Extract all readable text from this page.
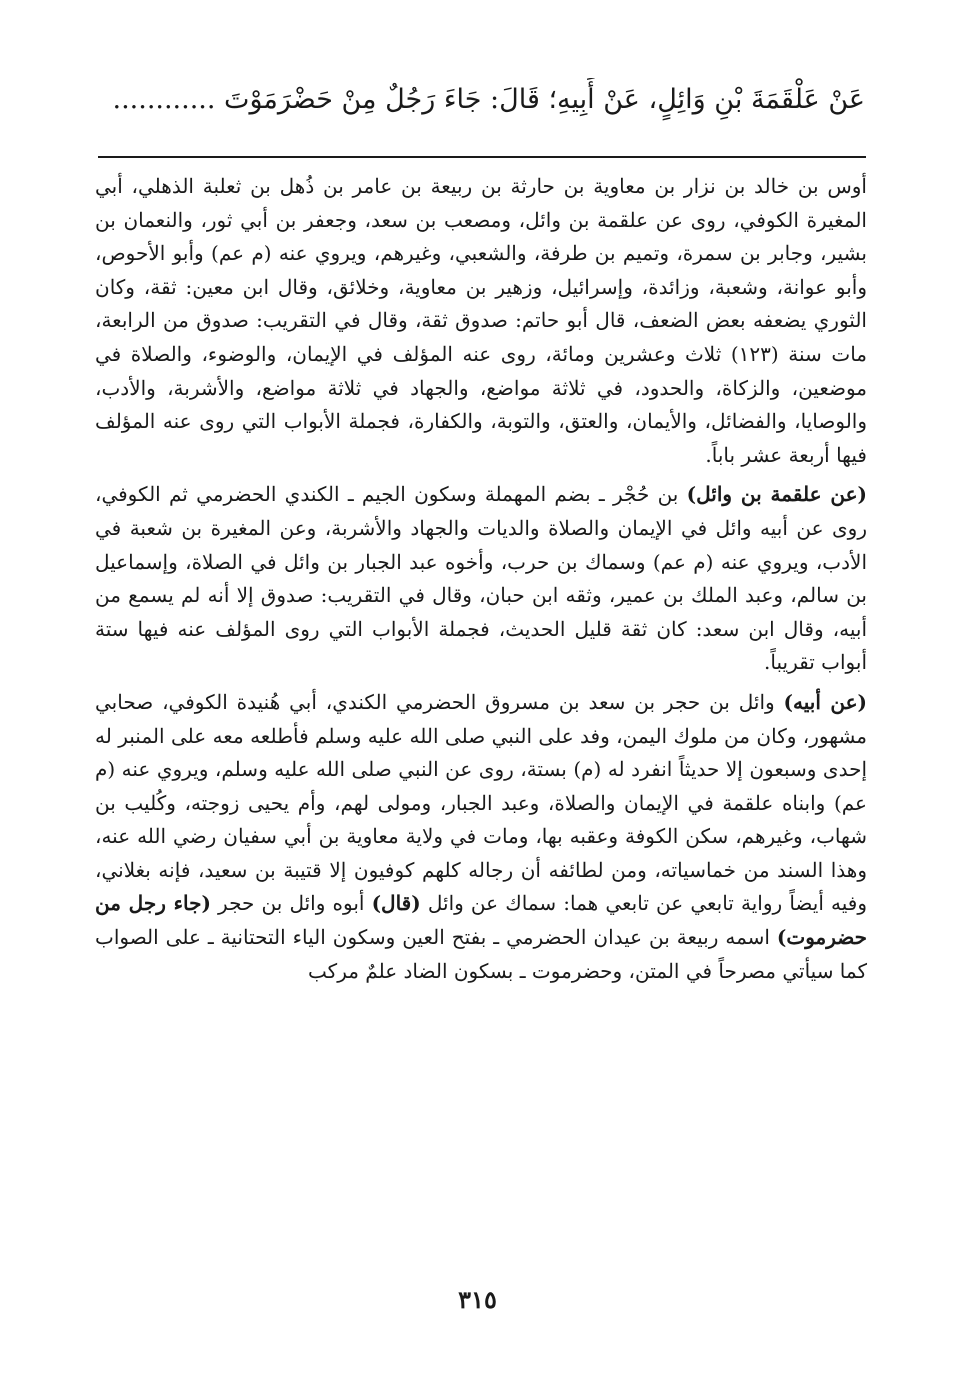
عَنْ عَلْقَمَةَ بْنِ وَائِلٍ، عَنْ أَبِيهِ؛ قَالَ: جَاءَ رَجُلٌ مِنْ حَضْرَمَوْتَ ............

أوس بن خالد بن نزار بن معاوية بن حارثة بن ربيعة بن عامر بن ذُهل بن ثعلبة الذهلي، أبي المغيرة الكوفي، روى عن علقمة بن وائل، ومصعب بن سعد، وجعفر بن أبي ثور، والنعمان بن بشير، وجابر بن سمرة، وتميم بن طرفة، والشعبي، وغيرهم، ويروي عنه (م عم) وأبو الأحوص، وأبو عوانة، وشعبة، وزائدة، وإسرائيل، وزهير بن معاوية، وخلائق، وقال ابن معين: ثقة، وكان الثوري يضعفه بعض الضعف، قال أبو حاتم: صدوق ثقة، وقال في التقريب: صدوق من الرابعة، مات سنة (١٢٣) ثلاث وعشرين ومائة، روى عنه المؤلف في الإيمان، والوضوء، والصلاة في موضعين، والزكاة، والحدود، في ثلاثة مواضع، والجهاد في ثلاثة مواضع، والأشربة، والأدب، والوصايا، والفضائل، والأيمان، والعتق، والتوبة، والكفارة، فجملة الأبواب التي روى عنه المؤلف فيها أربعة عشر باباً.

(عن علقمة بن وائل) بن حُجْر ـ بضم المهملة وسكون الجيم ـ الكندي الحضرمي ثم الكوفي، روى عن أبيه وائل في الإيمان والصلاة والديات والجهاد والأشربة، وعن المغيرة بن شعبة في الأدب، ويروي عنه (م عم) وسماك بن حرب، وأخوه عبد الجبار بن وائل في الصلاة، وإسماعيل بن سالم، وعبد الملك بن عمير، وثقه ابن حبان، وقال في التقريب: صدوق إلا أنه لم يسمع من أبيه، وقال ابن سعد: كان ثقة قليل الحديث، فجملة الأبواب التي روى المؤلف عنه فيها ستة أبواب تقريباً.

(عن أبيه) وائل بن حجر بن سعد بن مسروق الحضرمي الكندي، أبي هُنيدة الكوفي، صحابي مشهور، وكان من ملوك اليمن، وفد على النبي صلى الله عليه وسلم فأطلعه معه على المنبر له إحدى وسبعون إلا حديثاً انفرد له (م) بستة، روى عن النبي صلى الله عليه وسلم، ويروي عنه (م عم) وابناه علقمة في الإيمان والصلاة، وعبد الجبار، ومولى لهم، وأم يحيى زوجته، وكُليب بن شهاب، وغيرهم، سكن الكوفة وعقبه بها، ومات في ولاية معاوية بن أبي سفيان رضي الله عنه، وهذا السند من خماسياته، ومن لطائفه أن رجاله كلهم كوفيون إلا قتيبة بن سعيد، فإنه بغلاني، وفيه أيضاً رواية تابعي عن تابعي هما: سماك عن وائل (قال) أبوه وائل بن حجر (جاء رجل من حضرموت) اسمه ربيعة بن عيدان الحضرمي ـ بفتح العين وسكون الياء التحتانية ـ على الصواب كما سيأتي مصرحاً في المتن، وحضرموت ـ بسكون الضاد علمٌ مركب

٣١٥
